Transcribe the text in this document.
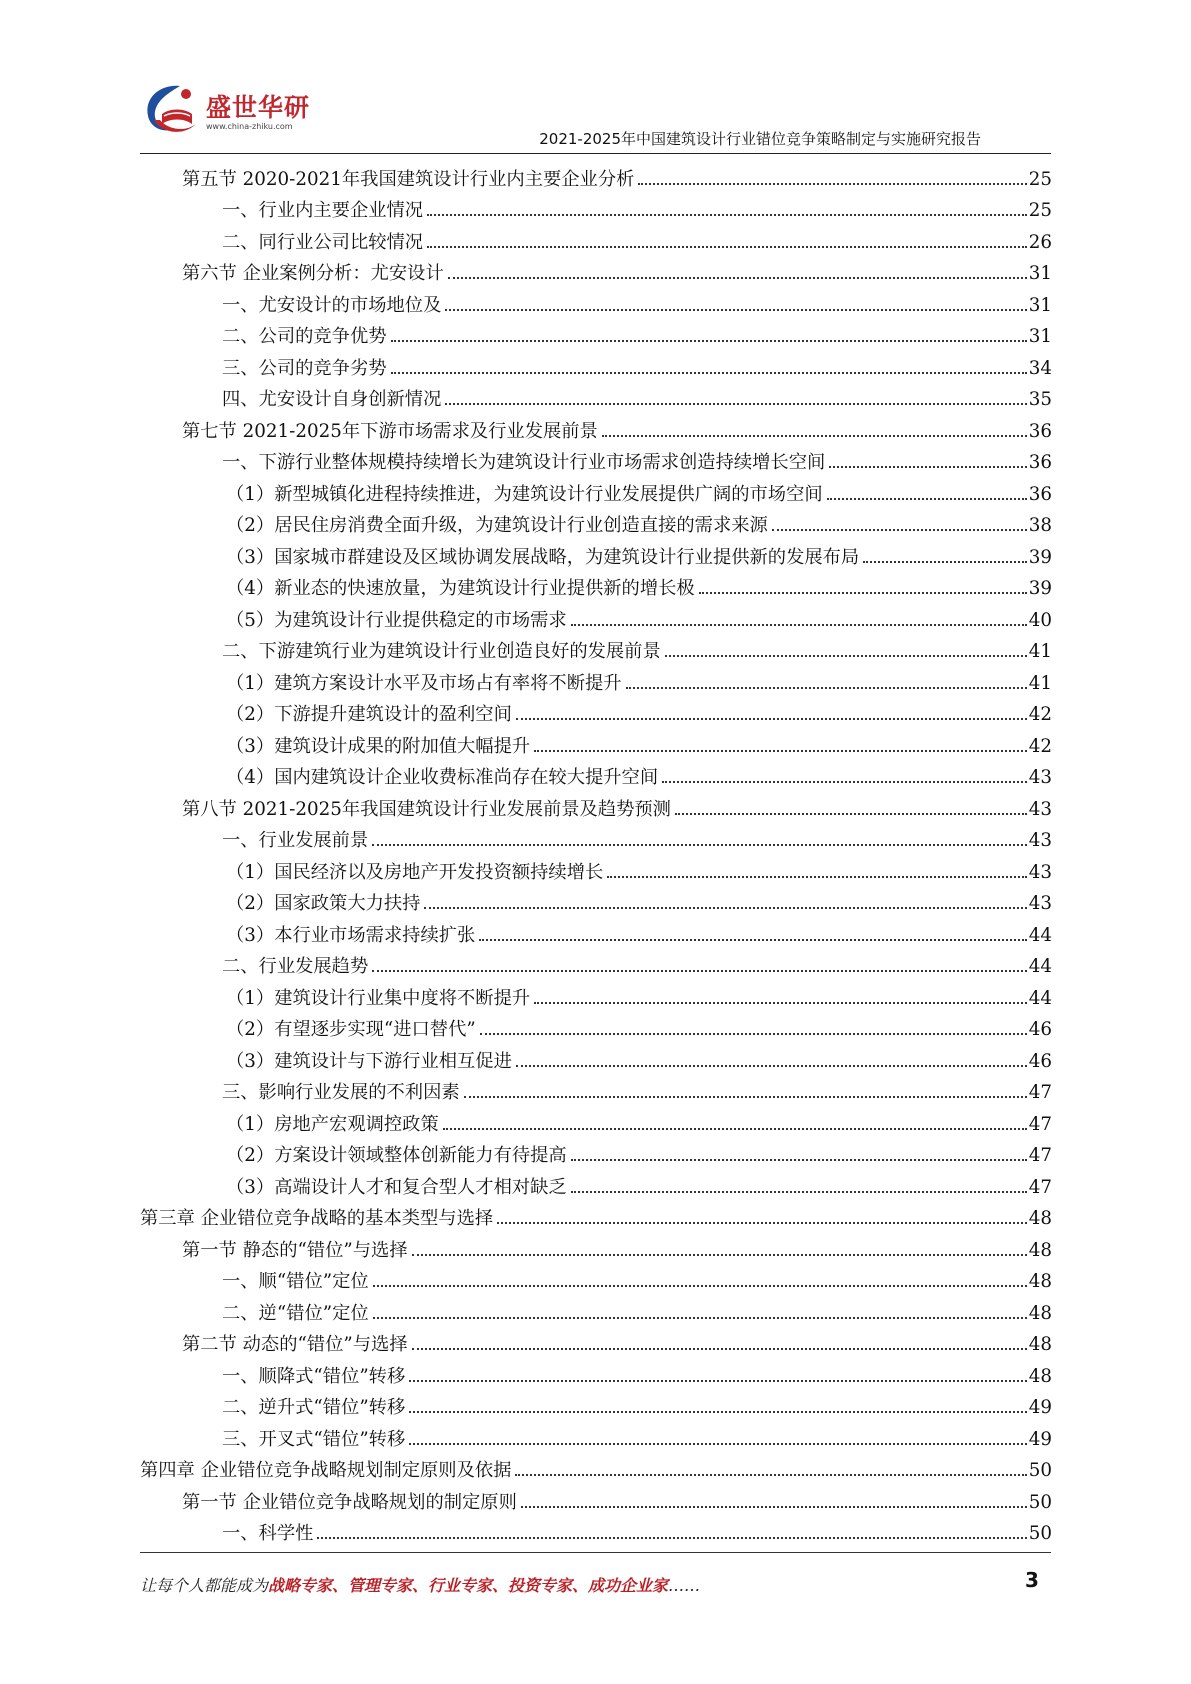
盛世华研
www.china-zhiku.com
2021-2025年中国建筑设计行业错位竞争策略制定与实施研究报告
第五节 2020-2021年我国建筑设计行业内主要企业分析	25
一、行业内主要企业情况	25
二、同行业公司比较情况	26
第六节 企业案例分析：尤安设计	31
一、尤安设计的市场地位及	31
二、公司的竞争优势	31
三、公司的竞争劣势	34
四、尤安设计自身创新情况	35
第七节 2021-2025年下游市场需求及行业发展前景	36
一、下游行业整体规模持续增长为建筑设计行业市场需求创造持续增长空间	36
（1）新型城镇化进程持续推进，为建筑设计行业发展提供广阔的市场空间	36
（2）居民住房消费全面升级，为建筑设计行业创造直接的需求来源	38
（3）国家城市群建设及区域协调发展战略，为建筑设计行业提供新的发展布局	39
（4）新业态的快速放量，为建筑设计行业提供新的增长极	39
（5）为建筑设计行业提供稳定的市场需求	40
二、下游建筑行业为建筑设计行业创造良好的发展前景	41
（1）建筑方案设计水平及市场占有率将不断提升	41
（2）下游提升建筑设计的盈利空间	42
（3）建筑设计成果的附加值大幅提升	42
（4）国内建筑设计企业收费标准尚存在较大提升空间	43
第八节 2021-2025年我国建筑设计行业发展前景及趋势预测	43
一、行业发展前景	43
（1）国民经济以及房地产开发投资额持续增长	43
（2）国家政策大力扶持	43
（3）本行业市场需求持续扩张	44
二、行业发展趋势	44
（1）建筑设计行业集中度将不断提升	44
（2）有望逐步实现“进口替代”	46
（3）建筑设计与下游行业相互促进	46
三、影响行业发展的不利因素	47
（1）房地产宏观调控政策	47
（2）方案设计领域整体创新能力有待提高	47
（3）高端设计人才和复合型人才相对缺乏	47
第三章 企业错位竞争战略的基本类型与选择	48
第一节 静态的“错位”与选择	48
一、顺“错位”定位	48
二、逆“错位”定位	48
第二节 动态的“错位”与选择	48
一、顺降式“错位”转移	48
二、逆升式“错位”转移	49
三、开叉式“错位”转移	49
第四章 企业错位竞争战略规划制定原则及依据	50
第一节 企业错位竞争战略规划的制定原则	50
一、科学性	50
让每个人都能成为战略专家、管理专家、行业专家、投资专家、成功企业家……	3
